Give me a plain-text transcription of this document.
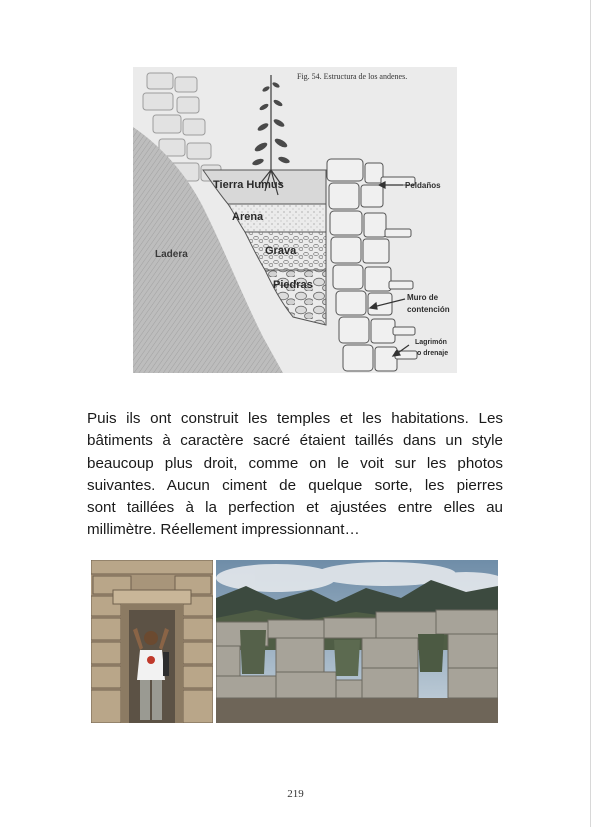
Fig. 54. Estructura de los andenes.
Tierra Humus
Arena
Grava
Piedras
Ladera
Peldaños
Muro de
contención
Lagrimón
o drenaje
Puis ils ont construit les temples et les habitations. Les
bâtiments à caractère sacré étaient taillés dans un style
beaucoup plus droit, comme on le voit sur les photos
suivantes. Aucun ciment de quelque sorte, les pierres
sont taillées à la perfection et ajustées entre elles au
millimètre. Réellement impressionnant…
219
